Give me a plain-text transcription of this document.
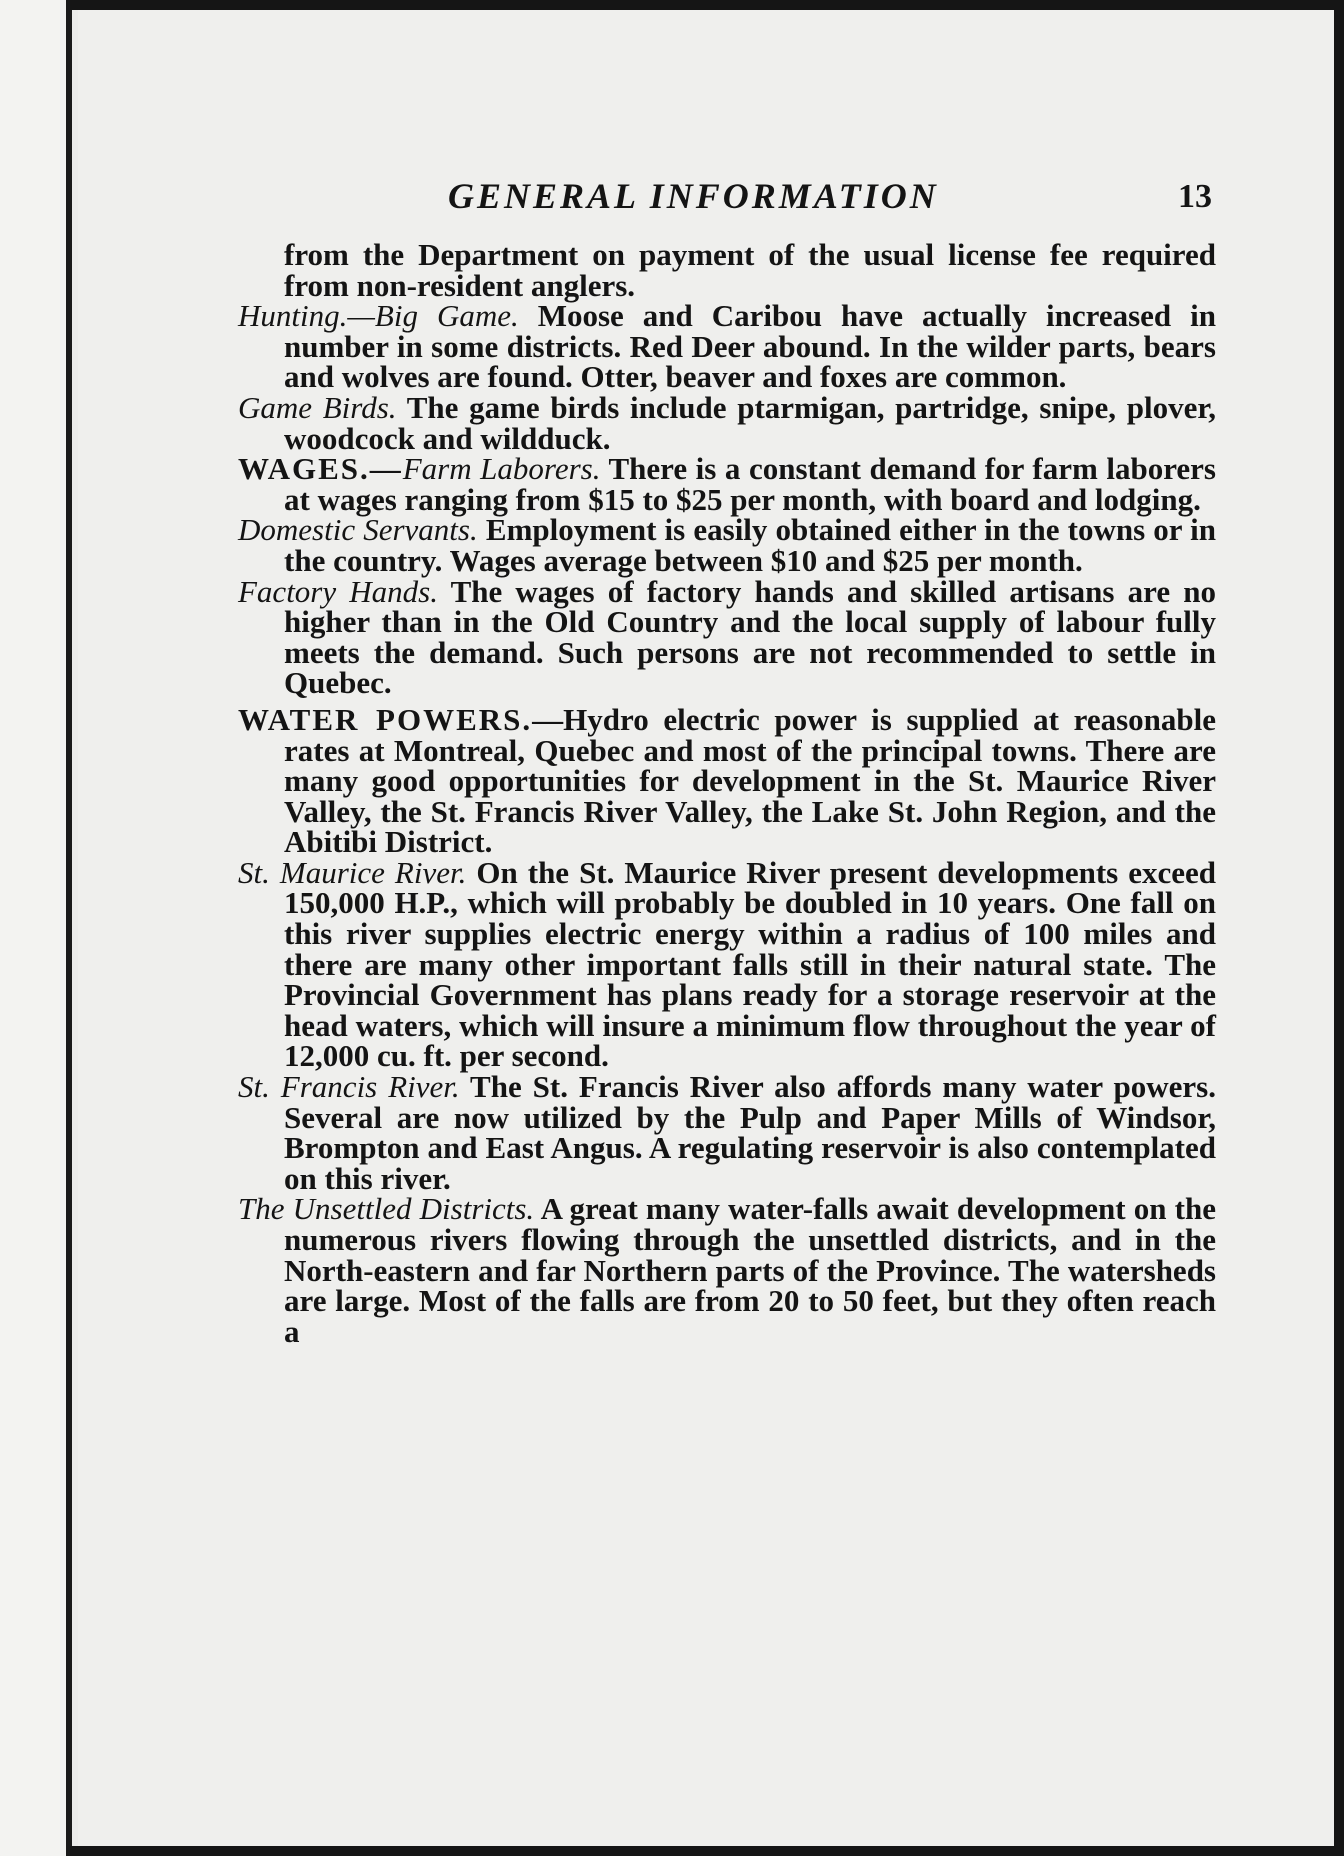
GENERAL INFORMATION	13

from the Department on payment of the usual license fee required from non-resident anglers.

Hunting.—Big Game. Moose and Caribou have actually increased in number in some districts. Red Deer abound. In the wilder parts, bears and wolves are found. Otter, beaver and foxes are common.

Game Birds. The game birds include ptarmigan, partridge, snipe, plover, woodcock and wildduck.

WAGES.—Farm Laborers. There is a constant demand for farm laborers at wages ranging from $15 to $25 per month, with board and lodging.

Domestic Servants. Employment is easily obtained either in the towns or in the country. Wages average between $10 and $25 per month.

Factory Hands. The wages of factory hands and skilled artisans are no higher than in the Old Country and the local supply of labour fully meets the demand. Such persons are not recommended to settle in Quebec.

WATER POWERS.—Hydro electric power is supplied at reasonable rates at Montreal, Quebec and most of the principal towns. There are many good opportunities for development in the St. Maurice River Valley, the St. Francis River Valley, the Lake St. John Region, and the Abitibi District.

St. Maurice River. On the St. Maurice River present developments exceed 150,000 H.P., which will probably be doubled in 10 years. One fall on this river supplies electric energy within a radius of 100 miles and there are many other important falls still in their natural state. The Provincial Government has plans ready for a storage reservoir at the head waters, which will insure a minimum flow throughout the year of 12,000 cu. ft. per second.

St. Francis River. The St. Francis River also affords many water powers. Several are now utilized by the Pulp and Paper Mills of Windsor, Brompton and East Angus. A regulating reservoir is also contemplated on this river.

The Unsettled Districts. A great many water-falls await development on the numerous rivers flowing through the unsettled districts, and in the North-eastern and far Northern parts of the Province. The watersheds are large. Most of the falls are from 20 to 50 feet, but they often reach a
